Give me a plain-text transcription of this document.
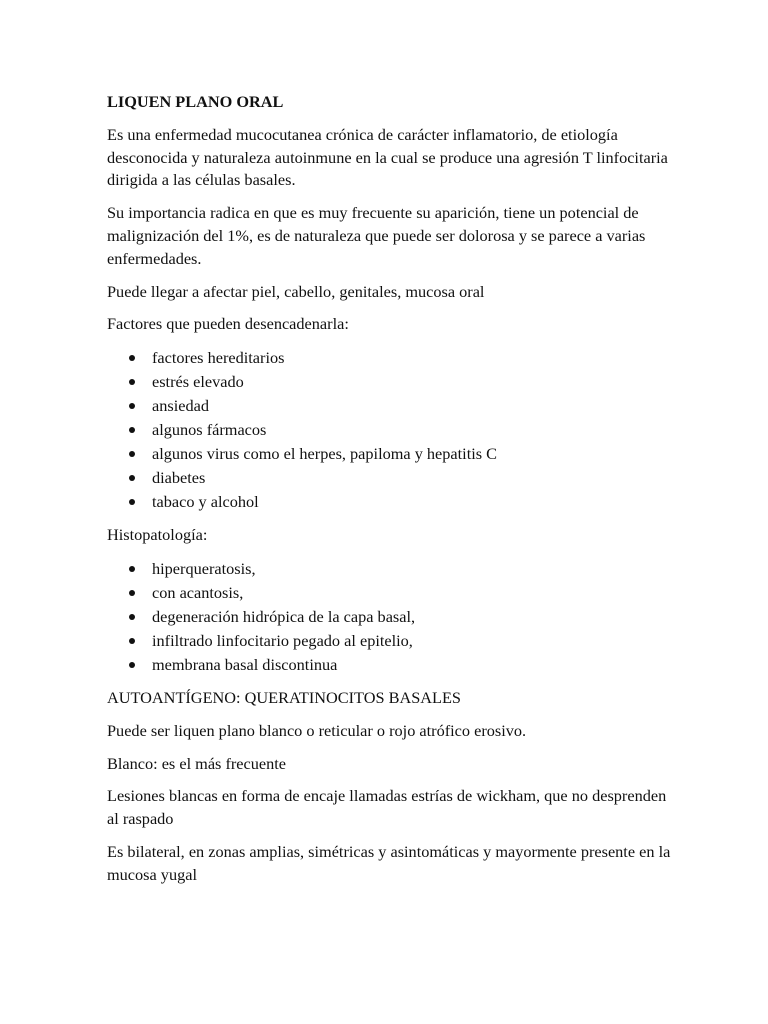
LIQUEN PLANO ORAL

Es una enfermedad mucocutanea crónica de carácter inflamatorio, de etiología desconocida y naturaleza autoinmune en la cual se produce una agresión T linfocitaria dirigida a las células basales.

Su importancia radica en que es muy frecuente su aparición, tiene un potencial de malignización del 1%, es de naturaleza que puede ser dolorosa y se parece a varias enfermedades.

Puede llegar a afectar piel, cabello, genitales, mucosa oral

Factores que pueden desencadenarla:

factores hereditarios
estrés elevado
ansiedad
algunos fármacos
algunos virus como el herpes, papiloma y hepatitis C
diabetes
tabaco y alcohol

Histopatología:

hiperqueratosis,
con acantosis,
degeneración hidrópica de la capa basal,
infiltrado linfocitario pegado al epitelio,
membrana basal discontinua

AUTOANTÍGENO: QUERATINOCITOS BASALES

Puede ser liquen plano blanco o reticular o rojo atrófico erosivo.

Blanco: es el más frecuente

Lesiones blancas en forma de encaje llamadas estrías de wickham, que no desprenden al raspado

Es bilateral, en zonas amplias, simétricas y asintomáticas y mayormente presente en la mucosa yugal
